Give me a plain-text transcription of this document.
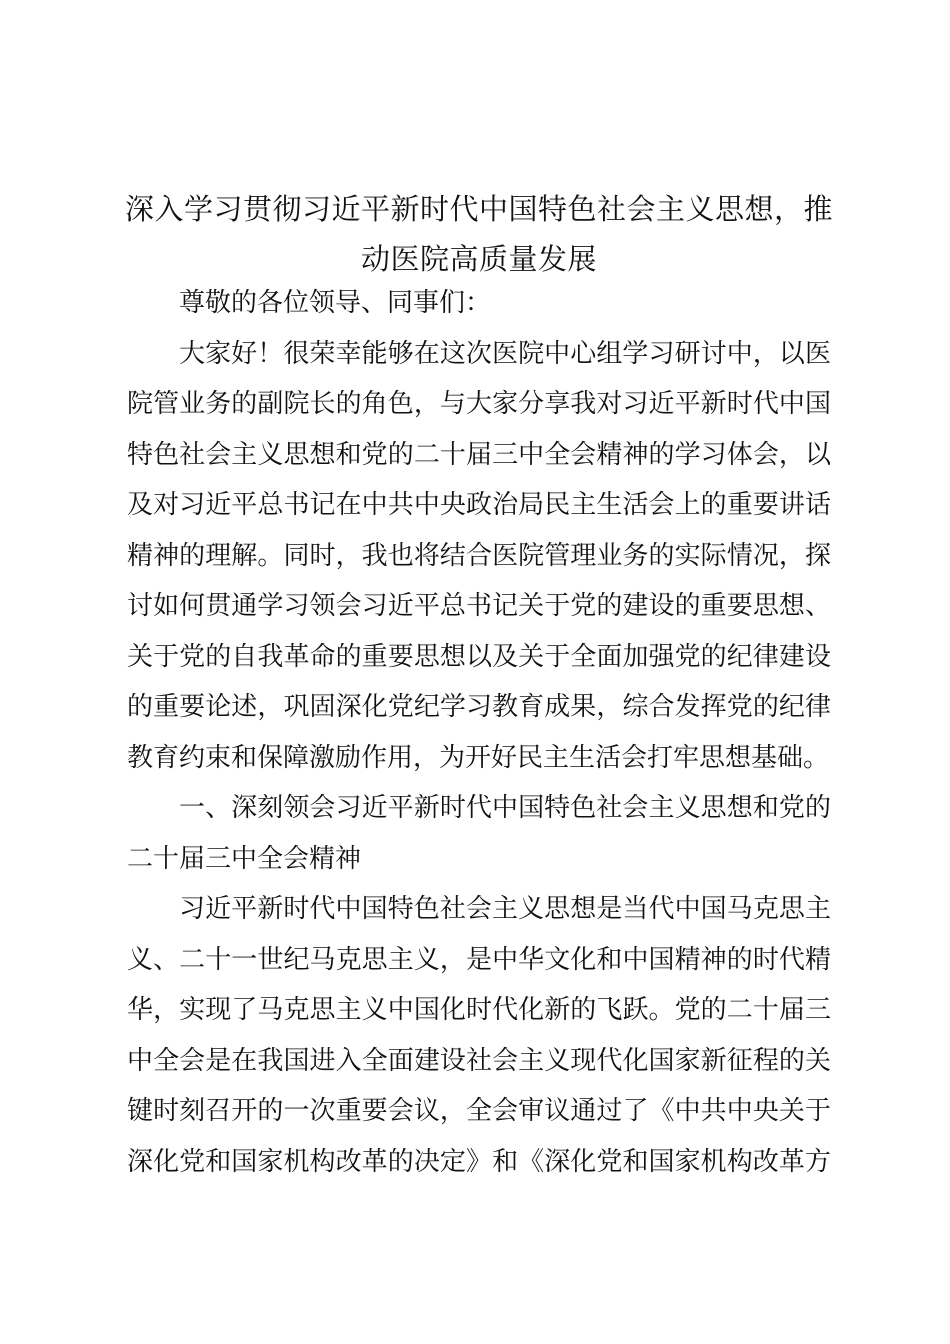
深入学习贯彻习近平新时代中国特色社会主义思想，推
动医院高质量发展
尊敬的各位领导、同事们：
大家好！很荣幸能够在这次医院中心组学习研讨中，以医
院管业务的副院长的角色，与大家分享我对习近平新时代中国
特色社会主义思想和党的二十届三中全会精神的学习体会，以
及对习近平总书记在中共中央政治局民主生活会上的重要讲话
精神的理解。同时，我也将结合医院管理业务的实际情况，探
讨如何贯通学习领会习近平总书记关于党的建设的重要思想、
关于党的自我革命的重要思想以及关于全面加强党的纪律建设
的重要论述，巩固深化党纪学习教育成果，综合发挥党的纪律
教育约束和保障激励作用，为开好民主生活会打牢思想基础。
一、深刻领会习近平新时代中国特色社会主义思想和党的
二十届三中全会精神
习近平新时代中国特色社会主义思想是当代中国马克思主
义、二十一世纪马克思主义，是中华文化和中国精神的时代精
华，实现了马克思主义中国化时代化新的飞跃。党的二十届三
中全会是在我国进入全面建设社会主义现代化国家新征程的关
键时刻召开的一次重要会议，全会审议通过了《中共中央关于
深化党和国家机构改革的决定》和《深化党和国家机构改革方
